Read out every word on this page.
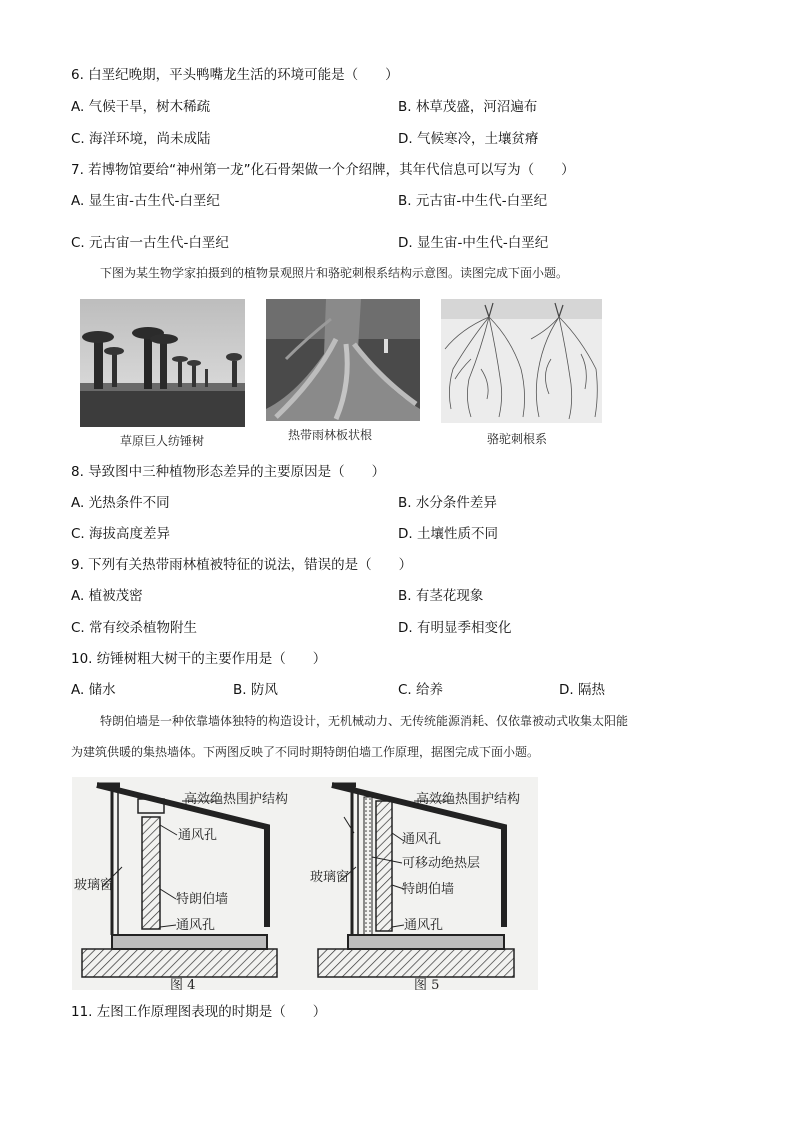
6. 白垩纪晚期，平头鸭嘴龙生活的环境可能是（　　）
A. 气候干旱，树木稀疏	B. 林草茂盛，河沼遍布
C. 海洋环境，尚未成陆	D. 气候寒冷，土壤贫瘠
7. 若博物馆要给“神州第一龙”化石骨架做一个介绍牌，其年代信息可以写为（　　）
A. 显生宙-古生代-白垩纪	B. 元古宙-中生代-白垩纪
C. 元古宙一古生代-白垩纪	D. 显生宙-中生代-白垩纪
下图为某生物学家拍摄到的植物景观照片和骆驼刺根系结构示意图。读图完成下面小题。
草原巨人纺锤树	热带雨林板状根	骆驼刺根系
8. 导致图中三种植物形态差异的主要原因是（　　）
A. 光热条件不同	B. 水分条件差异
C. 海拔高度差异	D. 土壤性质不同
9. 下列有关热带雨林植被特征的说法，错误的是（　　）
A. 植被茂密	B. 有茎花现象
C. 常有绞杀植物附生	D. 有明显季相变化
10. 纺锤树粗大树干的主要作用是（　　）
A. 储水	B. 防风	C. 给养	D. 隔热
特朗伯墙是一种依靠墙体独特的构造设计，无机械动力、无传统能源消耗、仅依靠被动式收集太阳能
为建筑供暖的集热墙体。下两图反映了不同时期特朗伯墙工作原理，据图完成下面小题。
高效绝热围护结构
通风孔
玻璃窗
特朗伯墙
通风孔
图 4
高效绝热围护结构
通风孔
可移动绝热层
玻璃窗
特朗伯墙
通风孔
图 5
11. 左图工作原理图表现的时期是（　　）
